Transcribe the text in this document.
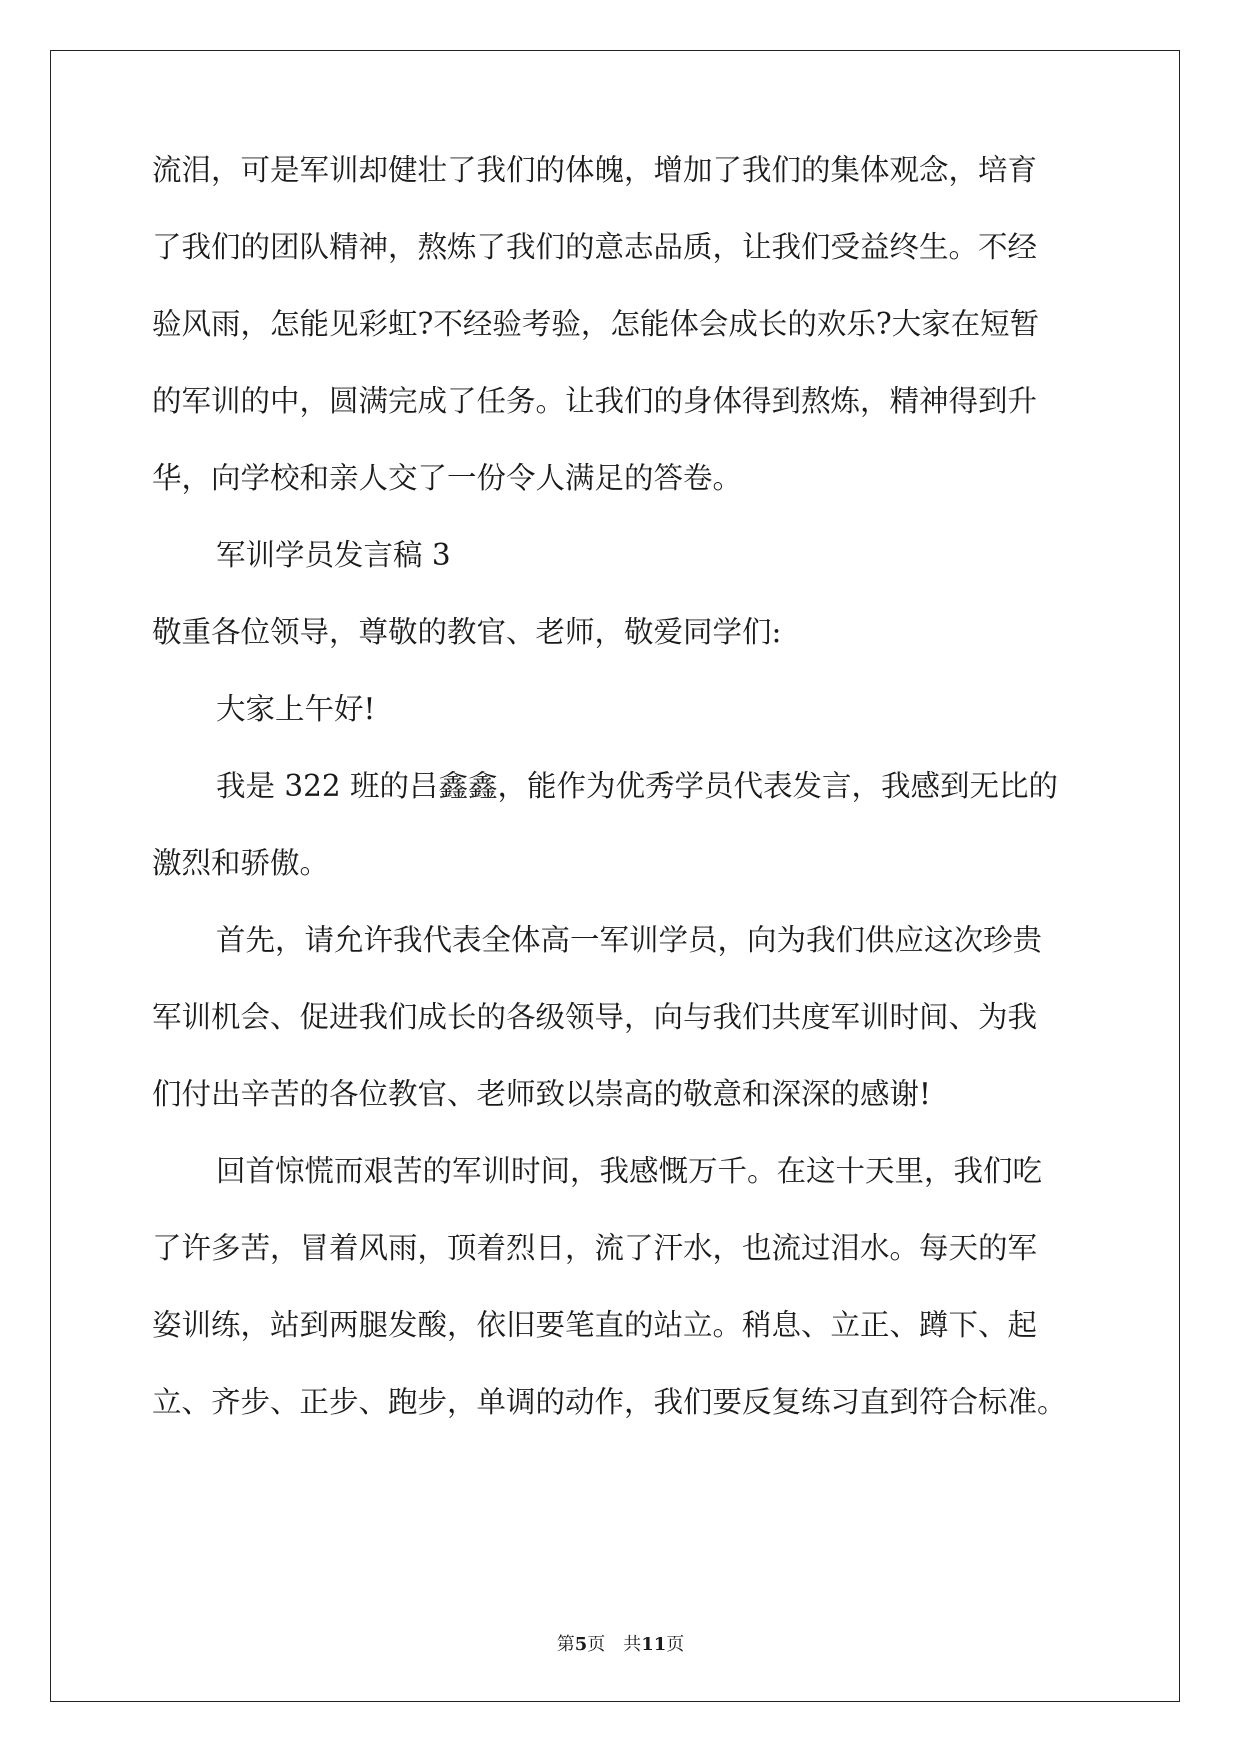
流泪，可是军训却健壮了我们的体魄，增加了我们的集体观念，培育
了我们的团队精神，熬炼了我们的意志品质，让我们受益终生。不经
验风雨，怎能见彩虹?不经验考验，怎能体会成长的欢乐?大家在短暂
的军训的中，圆满完成了任务。让我们的身体得到熬炼，精神得到升
华，向学校和亲人交了一份令人满足的答卷。
军训学员发言稿 3
敬重各位领导，尊敬的教官、老师，敬爱同学们:
大家上午好!
我是 322 班的吕鑫鑫，能作为优秀学员代表发言，我感到无比的
激烈和骄傲。
首先，请允许我代表全体高一军训学员，向为我们供应这次珍贵
军训机会、促进我们成长的各级领导，向与我们共度军训时间、为我
们付出辛苦的各位教官、老师致以崇高的敬意和深深的感谢!
回首惊慌而艰苦的军训时间，我感慨万千。在这十天里，我们吃
了许多苦，冒着风雨，顶着烈日，流了汗水，也流过泪水。每天的军
姿训练，站到两腿发酸，依旧要笔直的站立。稍息、立正、蹲下、起
立、齐步、正步、跑步，单调的动作，我们要反复练习直到符合标准。
第5页 共11页
